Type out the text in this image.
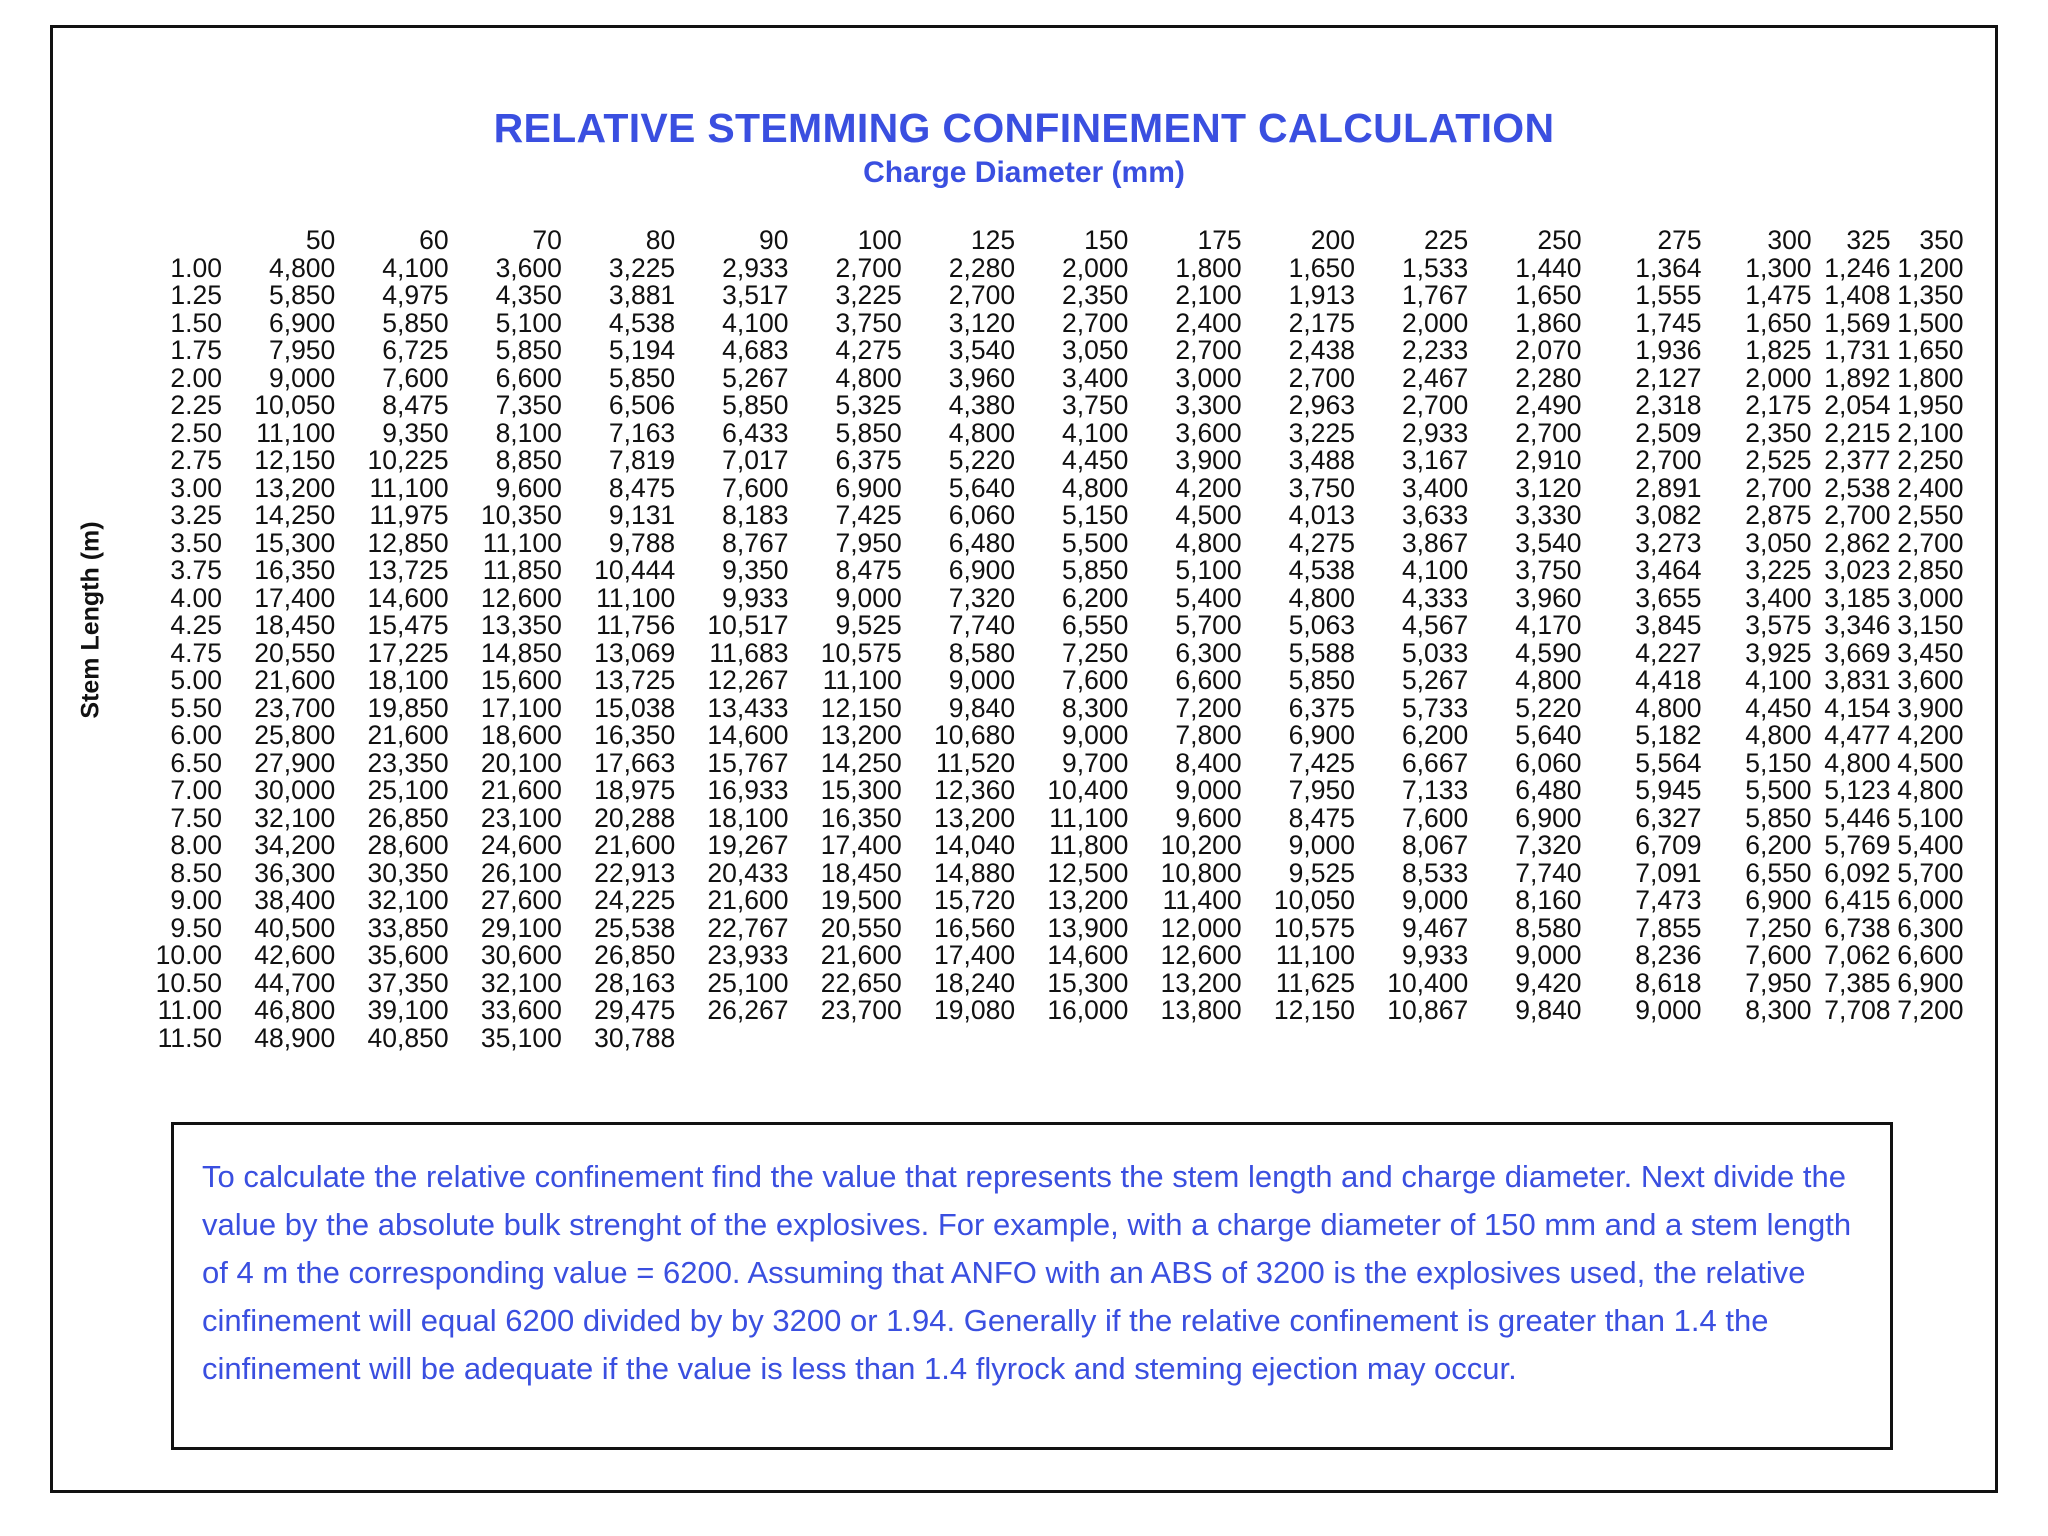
RELATIVE STEMMING CONFINEMENT CALCULATION
Charge Diameter (mm)
Stem Length (m)
	50	60	70	80	90	100	125	150	175	200	225	250	275	300	325	350
1.00	4,800	4,100	3,600	3,225	2,933	2,700	2,280	2,000	1,800	1,650	1,533	1,440	1,364	1,300	1,246	1,200
1.25	5,850	4,975	4,350	3,881	3,517	3,225	2,700	2,350	2,100	1,913	1,767	1,650	1,555	1,475	1,408	1,350
1.50	6,900	5,850	5,100	4,538	4,100	3,750	3,120	2,700	2,400	2,175	2,000	1,860	1,745	1,650	1,569	1,500
1.75	7,950	6,725	5,850	5,194	4,683	4,275	3,540	3,050	2,700	2,438	2,233	2,070	1,936	1,825	1,731	1,650
2.00	9,000	7,600	6,600	5,850	5,267	4,800	3,960	3,400	3,000	2,700	2,467	2,280	2,127	2,000	1,892	1,800
2.25	10,050	8,475	7,350	6,506	5,850	5,325	4,380	3,750	3,300	2,963	2,700	2,490	2,318	2,175	2,054	1,950
2.50	11,100	9,350	8,100	7,163	6,433	5,850	4,800	4,100	3,600	3,225	2,933	2,700	2,509	2,350	2,215	2,100
2.75	12,150	10,225	8,850	7,819	7,017	6,375	5,220	4,450	3,900	3,488	3,167	2,910	2,700	2,525	2,377	2,250
3.00	13,200	11,100	9,600	8,475	7,600	6,900	5,640	4,800	4,200	3,750	3,400	3,120	2,891	2,700	2,538	2,400
3.25	14,250	11,975	10,350	9,131	8,183	7,425	6,060	5,150	4,500	4,013	3,633	3,330	3,082	2,875	2,700	2,550
3.50	15,300	12,850	11,100	9,788	8,767	7,950	6,480	5,500	4,800	4,275	3,867	3,540	3,273	3,050	2,862	2,700
3.75	16,350	13,725	11,850	10,444	9,350	8,475	6,900	5,850	5,100	4,538	4,100	3,750	3,464	3,225	3,023	2,850
4.00	17,400	14,600	12,600	11,100	9,933	9,000	7,320	6,200	5,400	4,800	4,333	3,960	3,655	3,400	3,185	3,000
4.25	18,450	15,475	13,350	11,756	10,517	9,525	7,740	6,550	5,700	5,063	4,567	4,170	3,845	3,575	3,346	3,150
4.75	20,550	17,225	14,850	13,069	11,683	10,575	8,580	7,250	6,300	5,588	5,033	4,590	4,227	3,925	3,669	3,450
5.00	21,600	18,100	15,600	13,725	12,267	11,100	9,000	7,600	6,600	5,850	5,267	4,800	4,418	4,100	3,831	3,600
5.50	23,700	19,850	17,100	15,038	13,433	12,150	9,840	8,300	7,200	6,375	5,733	5,220	4,800	4,450	4,154	3,900
6.00	25,800	21,600	18,600	16,350	14,600	13,200	10,680	9,000	7,800	6,900	6,200	5,640	5,182	4,800	4,477	4,200
6.50	27,900	23,350	20,100	17,663	15,767	14,250	11,520	9,700	8,400	7,425	6,667	6,060	5,564	5,150	4,800	4,500
7.00	30,000	25,100	21,600	18,975	16,933	15,300	12,360	10,400	9,000	7,950	7,133	6,480	5,945	5,500	5,123	4,800
7.50	32,100	26,850	23,100	20,288	18,100	16,350	13,200	11,100	9,600	8,475	7,600	6,900	6,327	5,850	5,446	5,100
8.00	34,200	28,600	24,600	21,600	19,267	17,400	14,040	11,800	10,200	9,000	8,067	7,320	6,709	6,200	5,769	5,400
8.50	36,300	30,350	26,100	22,913	20,433	18,450	14,880	12,500	10,800	9,525	8,533	7,740	7,091	6,550	6,092	5,700
9.00	38,400	32,100	27,600	24,225	21,600	19,500	15,720	13,200	11,400	10,050	9,000	8,160	7,473	6,900	6,415	6,000
9.50	40,500	33,850	29,100	25,538	22,767	20,550	16,560	13,900	12,000	10,575	9,467	8,580	7,855	7,250	6,738	6,300
10.00	42,600	35,600	30,600	26,850	23,933	21,600	17,400	14,600	12,600	11,100	9,933	9,000	8,236	7,600	7,062	6,600
10.50	44,700	37,350	32,100	28,163	25,100	22,650	18,240	15,300	13,200	11,625	10,400	9,420	8,618	7,950	7,385	6,900
11.00	46,800	39,100	33,600	29,475	26,267	23,700	19,080	16,000	13,800	12,150	10,867	9,840	9,000	8,300	7,708	7,200
11.50	48,900	40,850	35,100	30,788												

To calculate the relative confinement find the value that represents the stem length and charge diameter. Next divide the value by the absolute bulk strenght of the explosives. For example, with a charge diameter of 150 mm and a stem length of 4 m the corresponding value = 6200. Assuming that ANFO with an ABS of 3200 is the explosives used, the relative cinfinement will equal 6200 divided by by 3200 or 1.94. Generally if the relative confinement is greater than 1.4 the cinfinement will be adequate if the value is less than 1.4 flyrock and steming ejection may occur.
